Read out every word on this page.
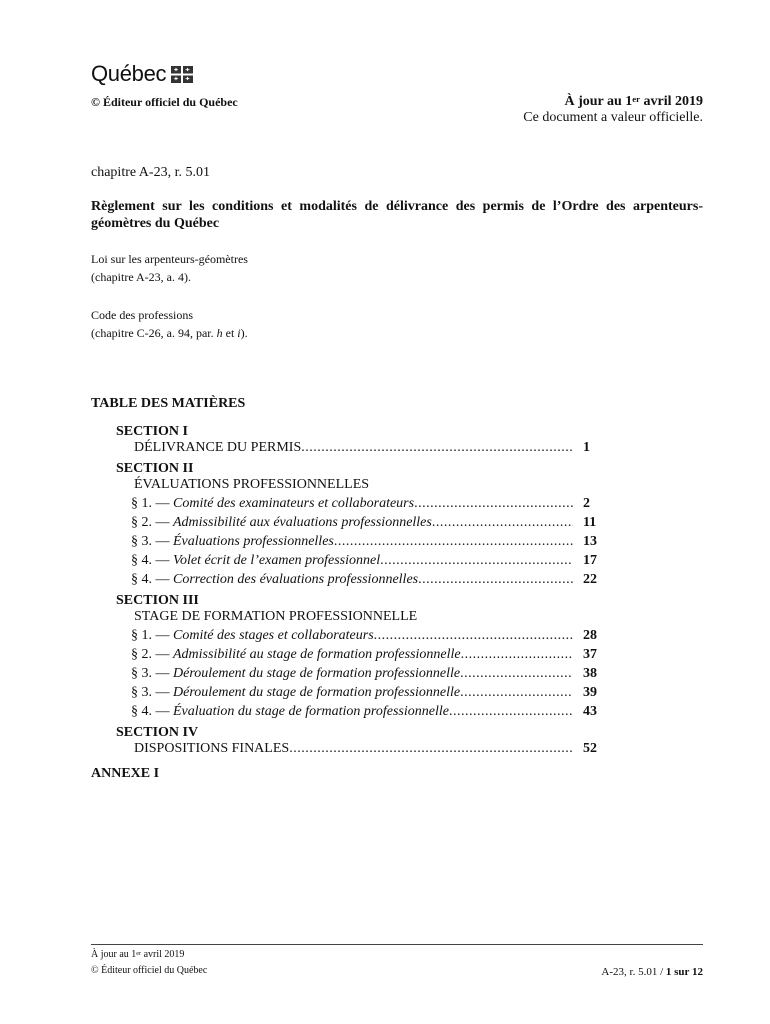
Québec
© Éditeur officiel du Québec	À jour au 1er avril 2019
Ce document a valeur officielle.
chapitre A-23, r. 5.01
Règlement sur les conditions et modalités de délivrance des permis de l’Ordre des arpenteurs-géomètres du Québec
Loi sur les arpenteurs-géomètres
(chapitre A-23, a. 4).
Code des professions
(chapitre C-26, a. 94, par. h et i).
TABLE DES MATIÈRES
SECTION I
DÉLIVRANCE DU PERMIS .....	1
SECTION II
ÉVALUATIONS PROFESSIONNELLES
§ 1. — Comité des examinateurs et collaborateurs .....	2
§ 2. — Admissibilité aux évaluations professionnelles .....	11
§ 3. — Évaluations professionnelles .....	13
§ 4. — Volet écrit de l’examen professionnel .....	17
§ 4. — Correction des évaluations professionnelles .....	22
SECTION III
STAGE DE FORMATION PROFESSIONNELLE
§ 1. — Comité des stages et collaborateurs .....	28
§ 2. — Admissibilité au stage de formation professionnelle .....	37
§ 3. — Déroulement du stage de formation professionnelle .....	38
§ 3. — Déroulement du stage de formation professionnelle .....	39
§ 4. — Évaluation du stage de formation professionnelle .....	43
SECTION IV
DISPOSITIONS FINALES .....	52
ANNEXE I
À jour au 1er avril 2019
© Éditeur officiel du Québec	A-23, r. 5.01 / 1 sur 12
